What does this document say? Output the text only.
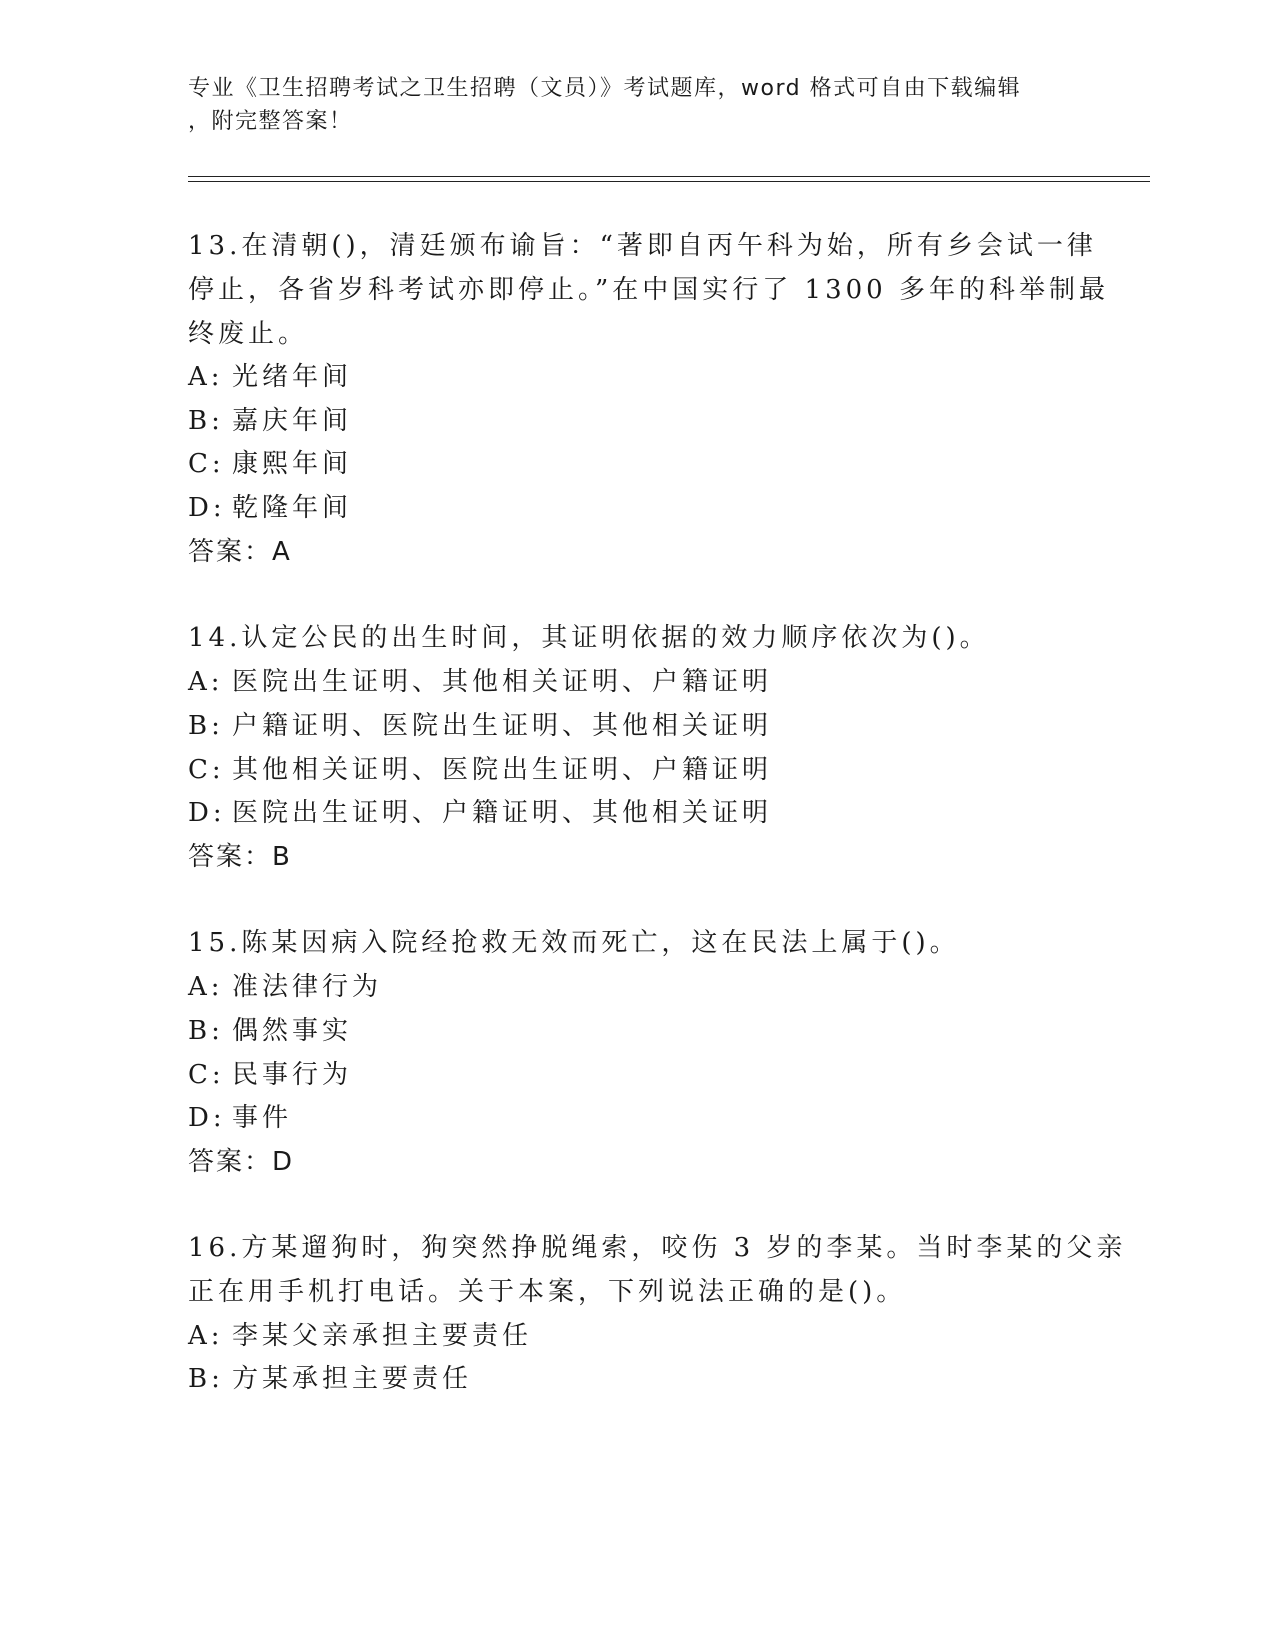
专业《卫生招聘考试之卫生招聘（文员）》考试题库，word 格式可自由下载编辑
，附完整答案！
13.在清朝()，清廷颁布谕旨：“著即自丙午科为始，所有乡会试一律
停止，各省岁科考试亦即停止。”在中国实行了 1300 多年的科举制最
终废止。
A: 光绪年间
B: 嘉庆年间
C: 康熙年间
D: 乾隆年间
答案：A
14.认定公民的出生时间，其证明依据的效力顺序依次为()。
A: 医院出生证明、其他相关证明、户籍证明
B: 户籍证明、医院出生证明、其他相关证明
C: 其他相关证明、医院出生证明、户籍证明
D: 医院出生证明、户籍证明、其他相关证明
答案：B
15.陈某因病入院经抢救无效而死亡，这在民法上属于()。
A: 准法律行为
B: 偶然事实
C: 民事行为
D: 事件
答案：D
16.方某遛狗时，狗突然挣脱绳索，咬伤 3 岁的李某。当时李某的父亲
正在用手机打电话。关于本案，下列说法正确的是()。
A: 李某父亲承担主要责任
B: 方某承担主要责任
